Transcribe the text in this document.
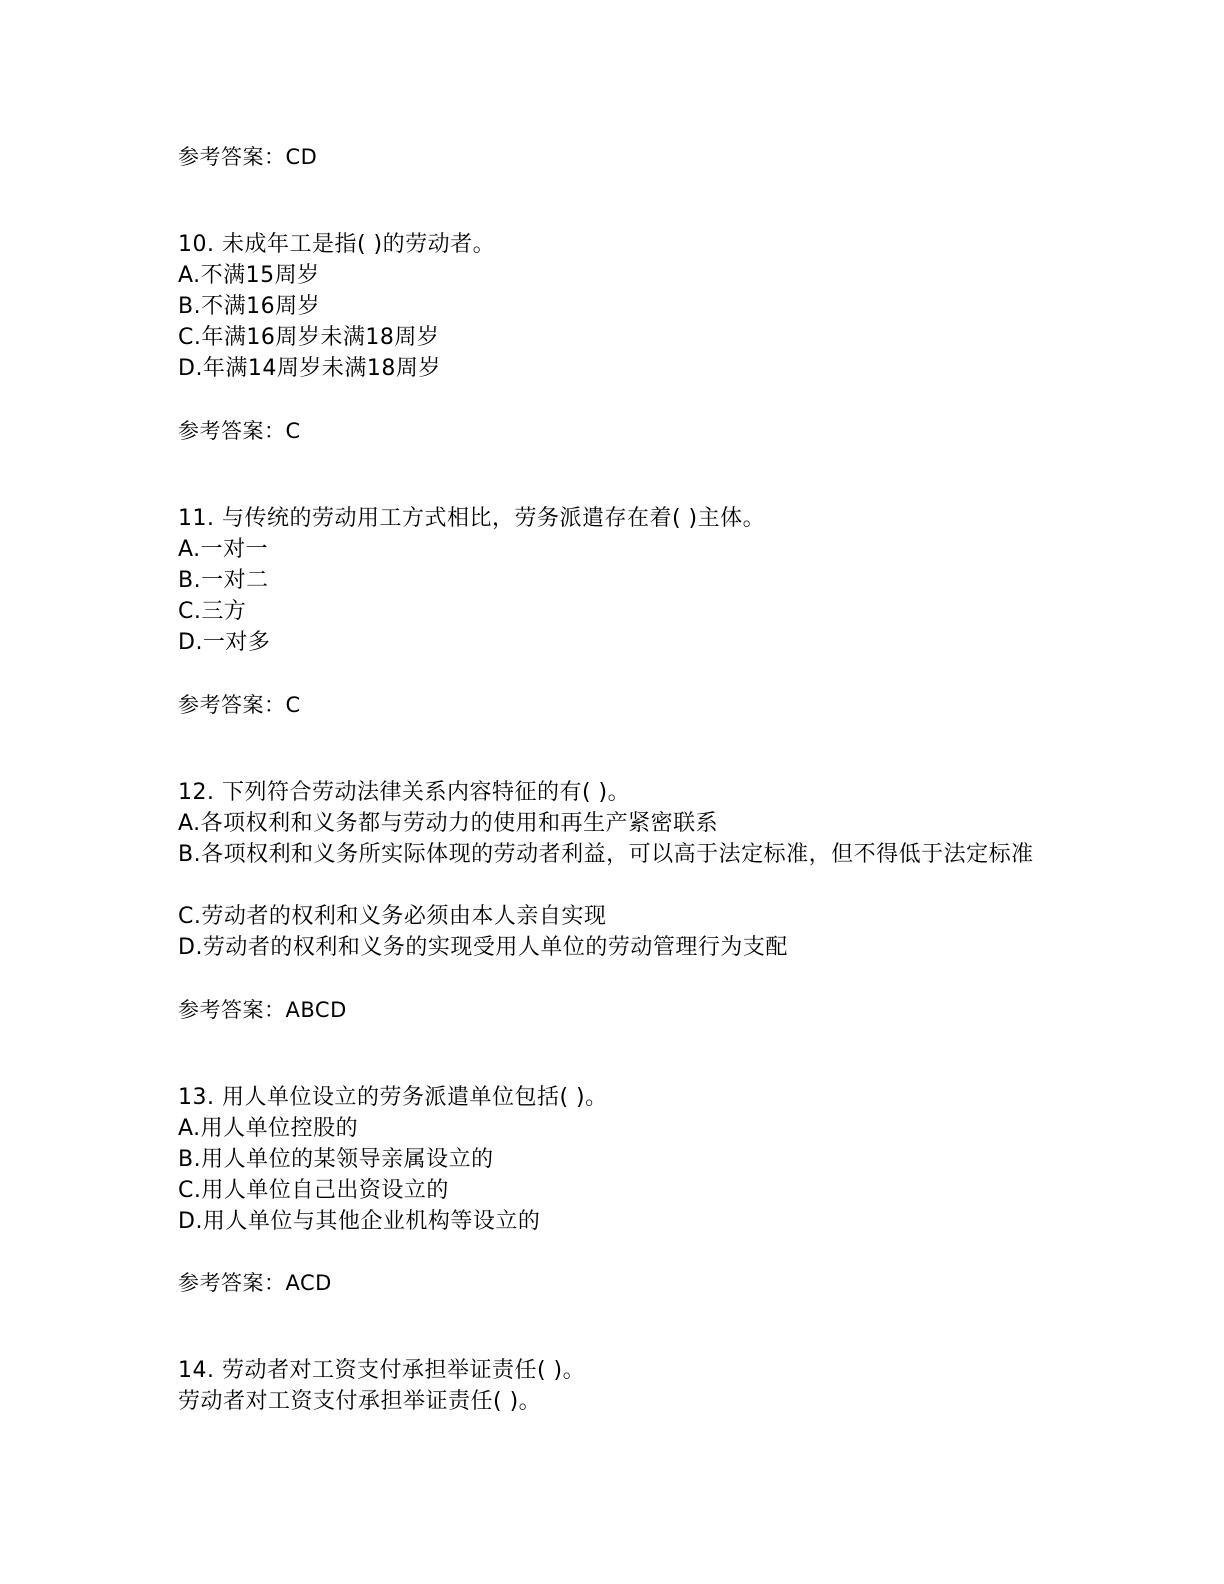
参考答案：CD
10. 未成年工是指( )的劳动者。
A.不满15周岁
B.不满16周岁
C.年满16周岁未满18周岁
D.年满14周岁未满18周岁
参考答案：C
11. 与传统的劳动用工方式相比，劳务派遣存在着( )主体。
A.一对一
B.一对二
C.三方
D.一对多
参考答案：C
12. 下列符合劳动法律关系内容特征的有( )。
A.各项权利和义务都与劳动力的使用和再生产紧密联系
B.各项权利和义务所实际体现的劳动者利益，可以高于法定标准，但不得低于法定标准
C.劳动者的权利和义务必须由本人亲自实现
D.劳动者的权利和义务的实现受用人单位的劳动管理行为支配
参考答案：ABCD
13. 用人单位设立的劳务派遣单位包括( )。
A.用人单位控股的
B.用人单位的某领导亲属设立的
C.用人单位自己出资设立的
D.用人单位与其他企业机构等设立的
参考答案：ACD
14. 劳动者对工资支付承担举证责任( )。
劳动者对工资支付承担举证责任( )。
